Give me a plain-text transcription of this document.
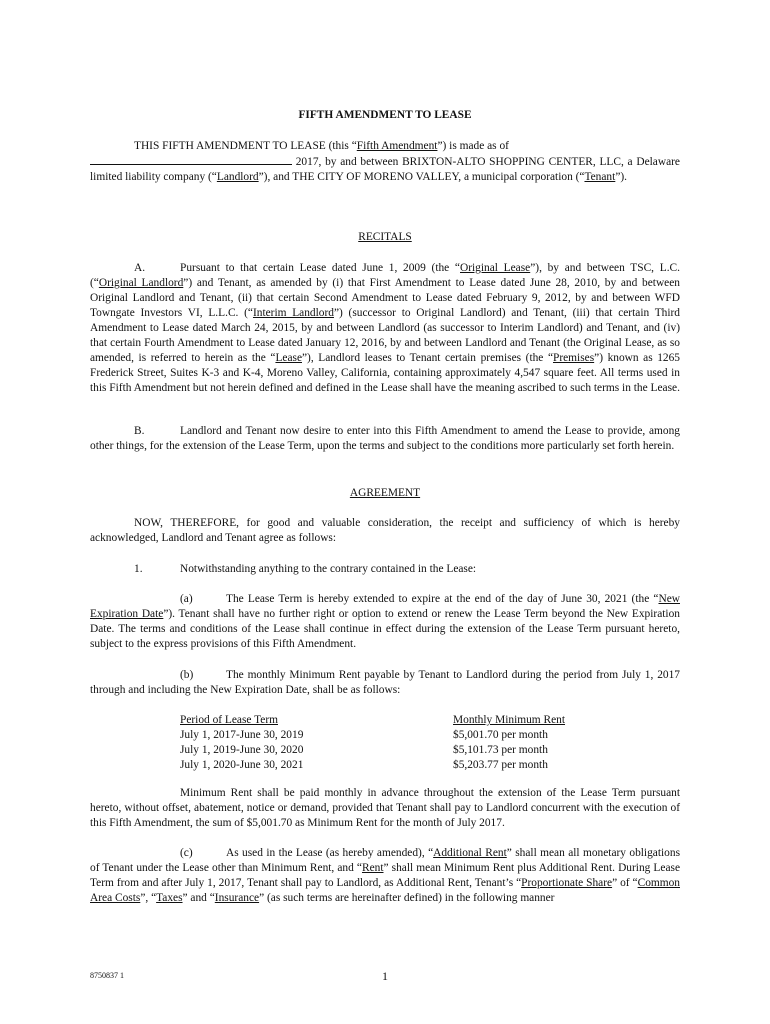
FIFTH AMENDMENT TO LEASE
THIS FIFTH AMENDMENT TO LEASE (this “Fifth Amendment”) is made as of
2017, by and between BRIXTON-ALTO SHOPPING CENTER, LLC, a Delaware limited liability company (“Landlord”), and THE CITY OF MORENO VALLEY, a municipal corporation (“Tenant”).
RECITALS
A.	Pursuant to that certain Lease dated June 1, 2009 (the “Original Lease”), by and between TSC, L.C. (“Original Landlord”) and Tenant, as amended by (i) that First Amendment to Lease dated June 28, 2010, by and between Original Landlord and Tenant, (ii) that certain Second Amendment to Lease dated February 9, 2012, by and between WFD Towngate Investors VI, L.L.C. (“Interim Landlord”) (successor to Original Landlord) and Tenant, (iii) that certain Third Amendment to Lease dated March 24, 2015, by and between Landlord (as successor to Interim Landlord) and Tenant, and (iv) that certain Fourth Amendment to Lease dated January 12, 2016, by and between Landlord and Tenant (the Original Lease, as so amended, is referred to herein as the “Lease”), Landlord leases to Tenant certain premises (the “Premises”) known as 1265 Frederick Street, Suites K-3 and K-4, Moreno Valley, California, containing approximately 4,547 square feet. All terms used in this Fifth Amendment but not herein defined and defined in the Lease shall have the meaning ascribed to such terms in the Lease.
B.	Landlord and Tenant now desire to enter into this Fifth Amendment to amend the Lease to provide, among other things, for the extension of the Lease Term, upon the terms and subject to the conditions more particularly set forth herein.
AGREEMENT
NOW, THEREFORE, for good and valuable consideration, the receipt and sufficiency of which is hereby acknowledged, Landlord and Tenant agree as follows:
1.	Notwithstanding anything to the contrary contained in the Lease:
(a)	The Lease Term is hereby extended to expire at the end of the day of June 30, 2021 (the “New Expiration Date”). Tenant shall have no further right or option to extend or renew the Lease Term beyond the New Expiration Date. The terms and conditions of the Lease shall continue in effect during the extension of the Lease Term pursuant hereto, subject to the express provisions of this Fifth Amendment.
(b)	The monthly Minimum Rent payable by Tenant to Landlord during the period from July 1, 2017 through and including the New Expiration Date, shall be as follows:
Period of Lease Term	Monthly Minimum Rent
July 1, 2017-June 30, 2019	$5,001.70 per month
July 1, 2019-June 30, 2020	$5,101.73 per month
July 1, 2020-June 30, 2021	$5,203.77 per month
Minimum Rent shall be paid monthly in advance throughout the extension of the Lease Term pursuant hereto, without offset, abatement, notice or demand, provided that Tenant shall pay to Landlord concurrent with the execution of this Fifth Amendment, the sum of $5,001.70 as Minimum Rent for the month of July 2017.
(c)	As used in the Lease (as hereby amended), “Additional Rent” shall mean all monetary obligations of Tenant under the Lease other than Minimum Rent, and “Rent” shall mean Minimum Rent plus Additional Rent. During Lease Term from and after July 1, 2017, Tenant shall pay to Landlord, as Additional Rent, Tenant’s “Proportionate Share” of “Common Area Costs”, “Taxes” and “Insurance” (as such terms are hereinafter defined) in the following manner
8750837 1	1
